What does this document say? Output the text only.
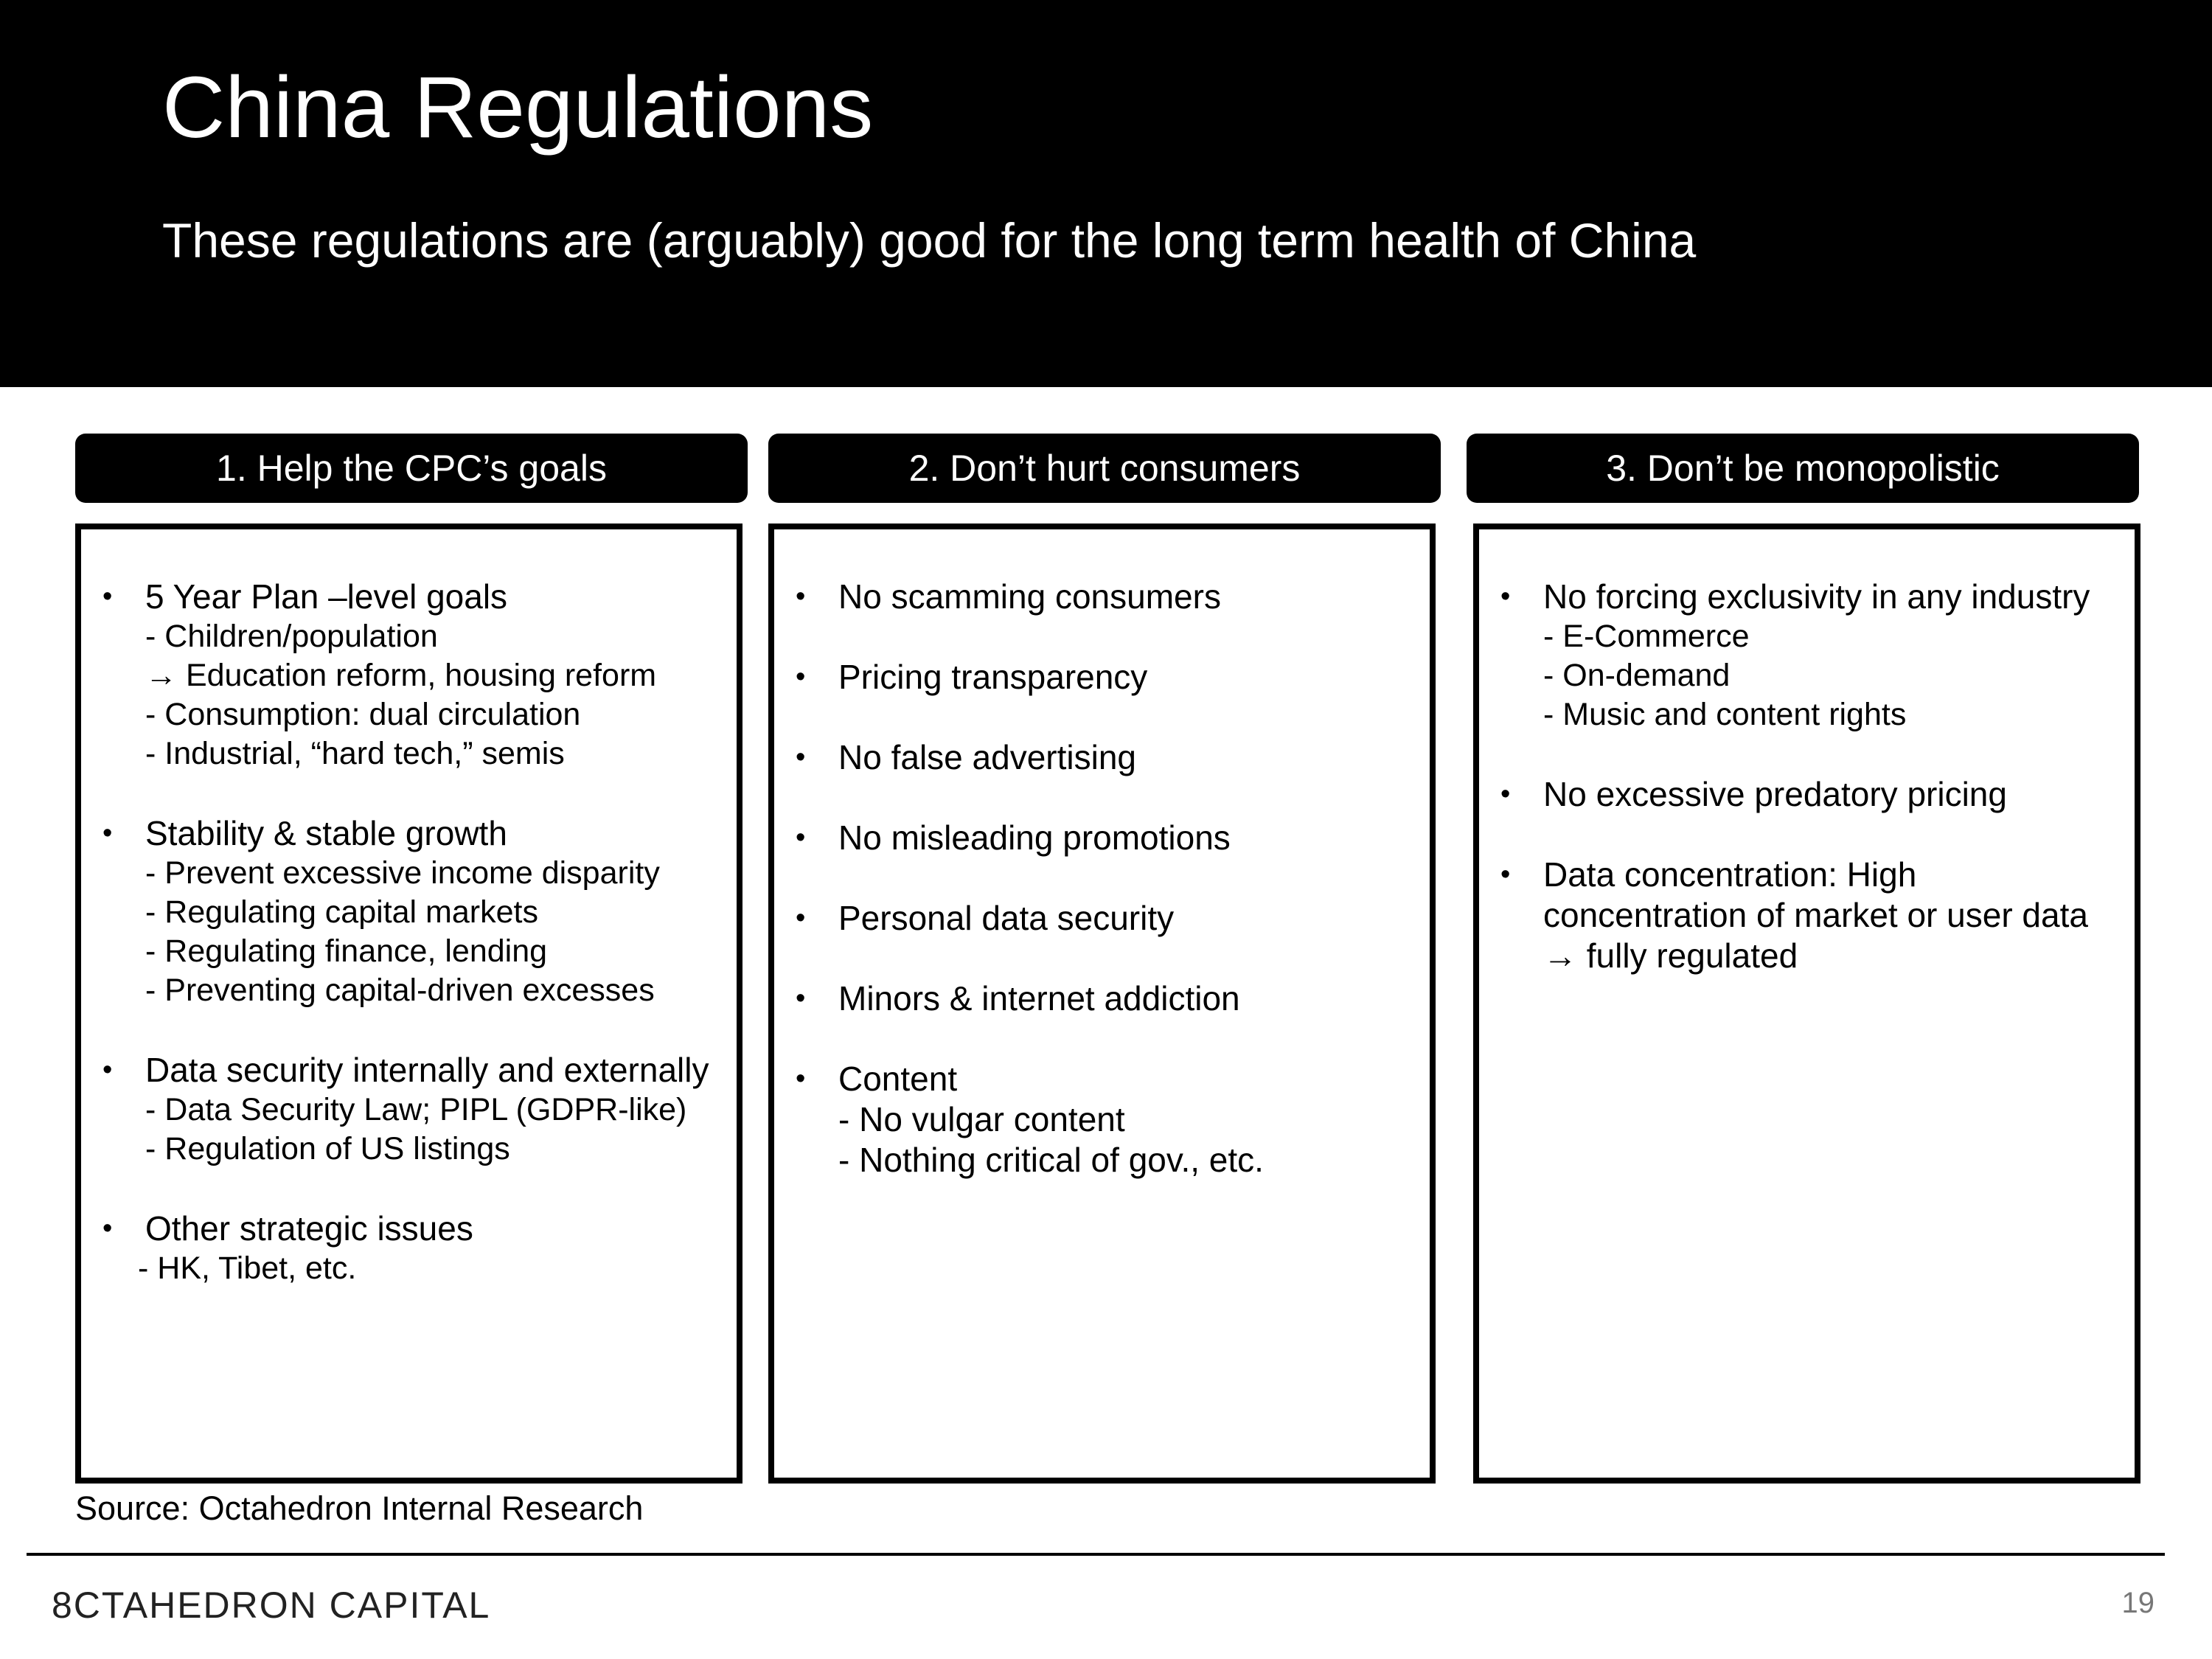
China Regulations
These regulations are (arguably) good for the long term health of China
1. Help the CPC’s goals	2. Don’t hurt consumers	3. Don’t be monopolistic
• 5 Year Plan –level goals
- Children/population
→ Education reform, housing reform
- Consumption: dual circulation
- Industrial, “hard tech,” semis
• Stability & stable growth
- Prevent excessive income disparity
- Regulating capital markets
- Regulating finance, lending
- Preventing capital-driven excesses
• Data security internally and externally
- Data Security Law; PIPL (GDPR-like)
- Regulation of US listings
• Other strategic issues
- HK, Tibet, etc.
• No scamming consumers
• Pricing transparency
• No false advertising
• No misleading promotions
• Personal data security
• Minors & internet addiction
• Content
- No vulgar content
- Nothing critical of gov., etc.
• No forcing exclusivity in any industry
- E-Commerce
- On-demand
- Music and content rights
• No excessive predatory pricing
• Data concentration: High
concentration of market or user data
→ fully regulated
Source: Octahedron Internal Research
8CTAHEDRON CAPITAL	19
